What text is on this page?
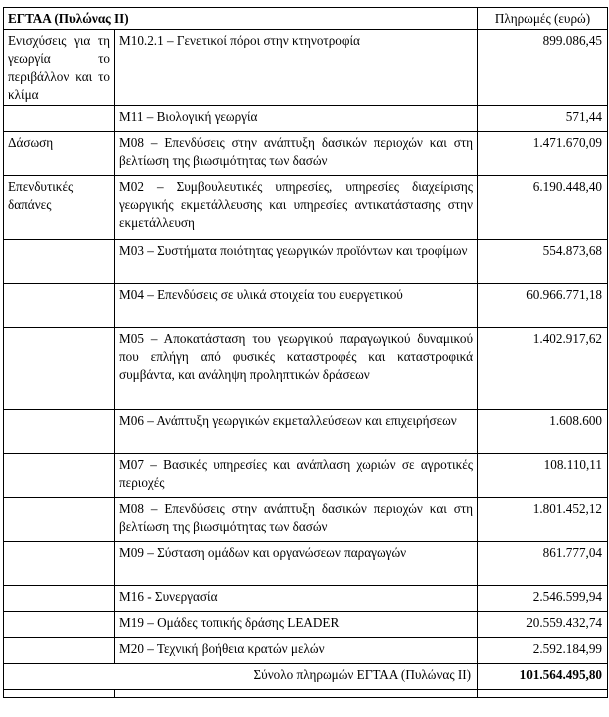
ΕΓΤΑΑ (Πυλώνας ΙΙ)		Πληρωμές (ευρώ)
Ενισχύσεις για τη γεωργία το περιβάλλον και το κλίμα	Μ10.2.1 – Γενετικοί πόροι στην κτηνοτροφία	899.086,45
	Μ11 – Βιολογική γεωργία	571,44
Δάσωση	Μ08 – Επενδύσεις στην ανάπτυξη δασικών περιοχών και στη βελτίωση της βιωσιμότητας των δασών	1.471.670,09
Επενδυτικές δαπάνες	Μ02 – Συμβουλευτικές υπηρεσίες, υπηρεσίες διαχείρισης γεωργικής εκμετάλλευσης και υπηρεσίες αντικατάστασης στην εκμετάλλευση	6.190.448,40
	Μ03 – Συστήματα ποιότητας γεωργικών προϊόντων και τροφίμων	554.873,68
	Μ04 – Επενδύσεις σε υλικά στοιχεία του ευεργετικού	60.966.771,18
	Μ05 – Αποκατάσταση του γεωργικού παραγωγικού δυναμικού που επλήγη από φυσικές καταστροφές και καταστροφικά συμβάντα, και ανάληψη προληπτικών δράσεων	1.402.917,62
	Μ06 – Ανάπτυξη γεωργικών εκμεταλλεύσεων και επιχειρήσεων	1.608.600
	Μ07 – Βασικές υπηρεσίες και ανάπλαση χωριών σε αγροτικές περιοχές	108.110,11
	Μ08 – Επενδύσεις στην ανάπτυξη δασικών περιοχών και στη βελτίωση της βιωσιμότητας των δασών	1.801.452,12
	Μ09 – Σύσταση ομάδων και οργανώσεων παραγωγών	861.777,04
	Μ16 - Συνεργασία	2.546.599,94
	Μ19 – Ομάδες τοπικής δράσης LEADER	20.559.432,74
	Μ20 – Τεχνική βοήθεια κρατών μελών	2.592.184,99
Σύνολο πληρωμών ΕΓΤΑΑ (Πυλώνας ΙΙ)		101.564.495,80
